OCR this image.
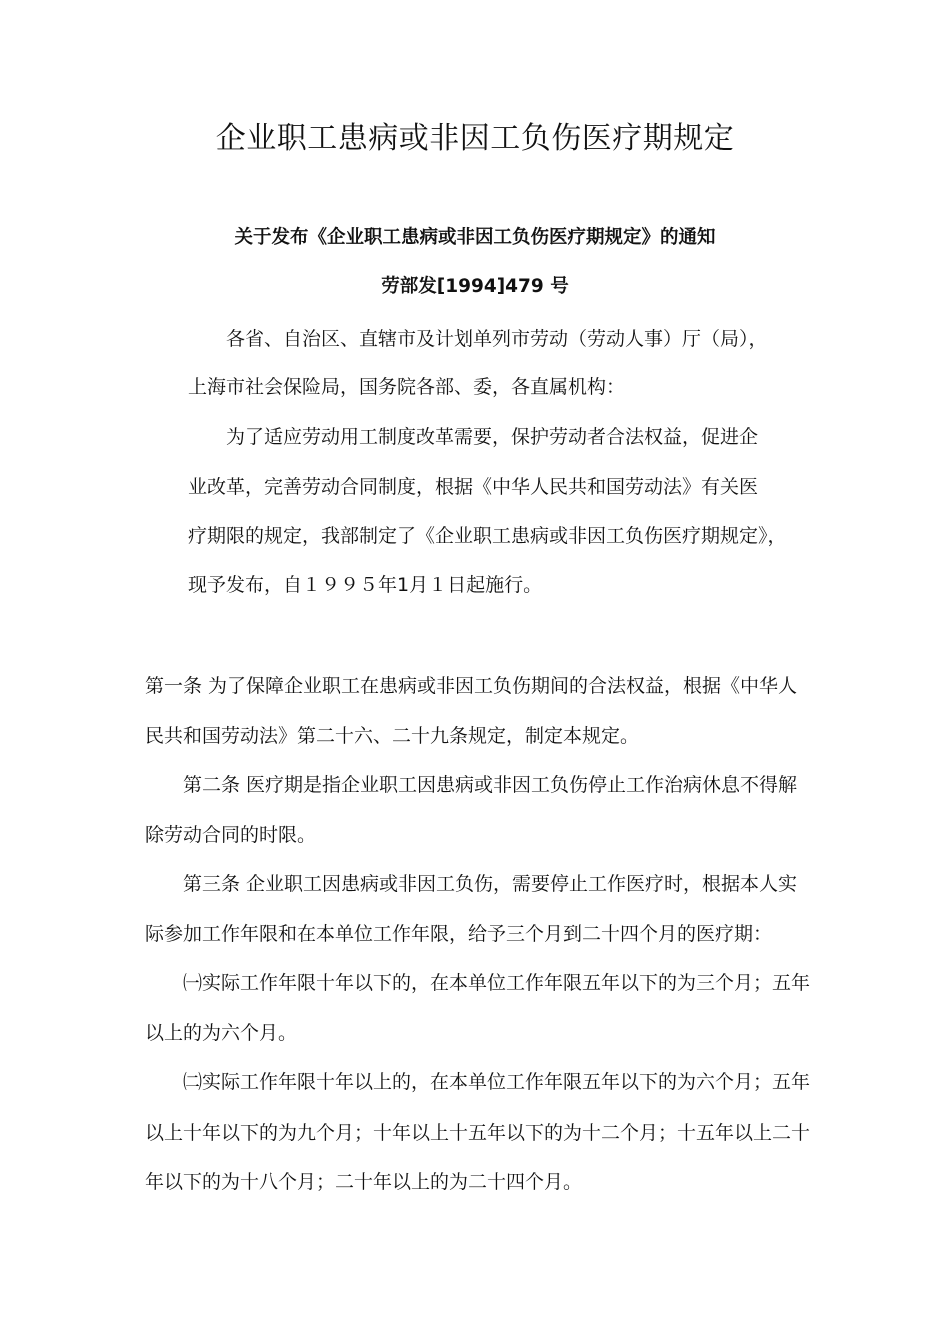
企业职工患病或非因工负伤医疗期规定
关于发布《企业职工患病或非因工负伤医疗期规定》的通知
劳部发[1994]479 号
各省、自治区、直辖市及计划单列市劳动（劳动人事）厅（局），
上海市社会保险局，国务院各部、委，各直属机构：
为了适应劳动用工制度改革需要，保护劳动者合法权益，促进企
业改革，完善劳动合同制度，根据《中华人民共和国劳动法》有关医
疗期限的规定，我部制定了《企业职工患病或非因工负伤医疗期规定》，
现予发布，自１９９５年1月１日起施行。
第一条 为了保障企业职工在患病或非因工负伤期间的合法权益，根据《中华人
民共和国劳动法》第二十六、二十九条规定，制定本规定。
第二条 医疗期是指企业职工因患病或非因工负伤停止工作治病休息不得解
除劳动合同的时限。
第三条 企业职工因患病或非因工负伤，需要停止工作医疗时，根据本人实
际参加工作年限和在本单位工作年限，给予三个月到二十四个月的医疗期：
㈠实际工作年限十年以下的，在本单位工作年限五年以下的为三个月；五年
以上的为六个月。
㈡实际工作年限十年以上的，在本单位工作年限五年以下的为六个月；五年
以上十年以下的为九个月；十年以上十五年以下的为十二个月；十五年以上二十
年以下的为十八个月；二十年以上的为二十四个月。
